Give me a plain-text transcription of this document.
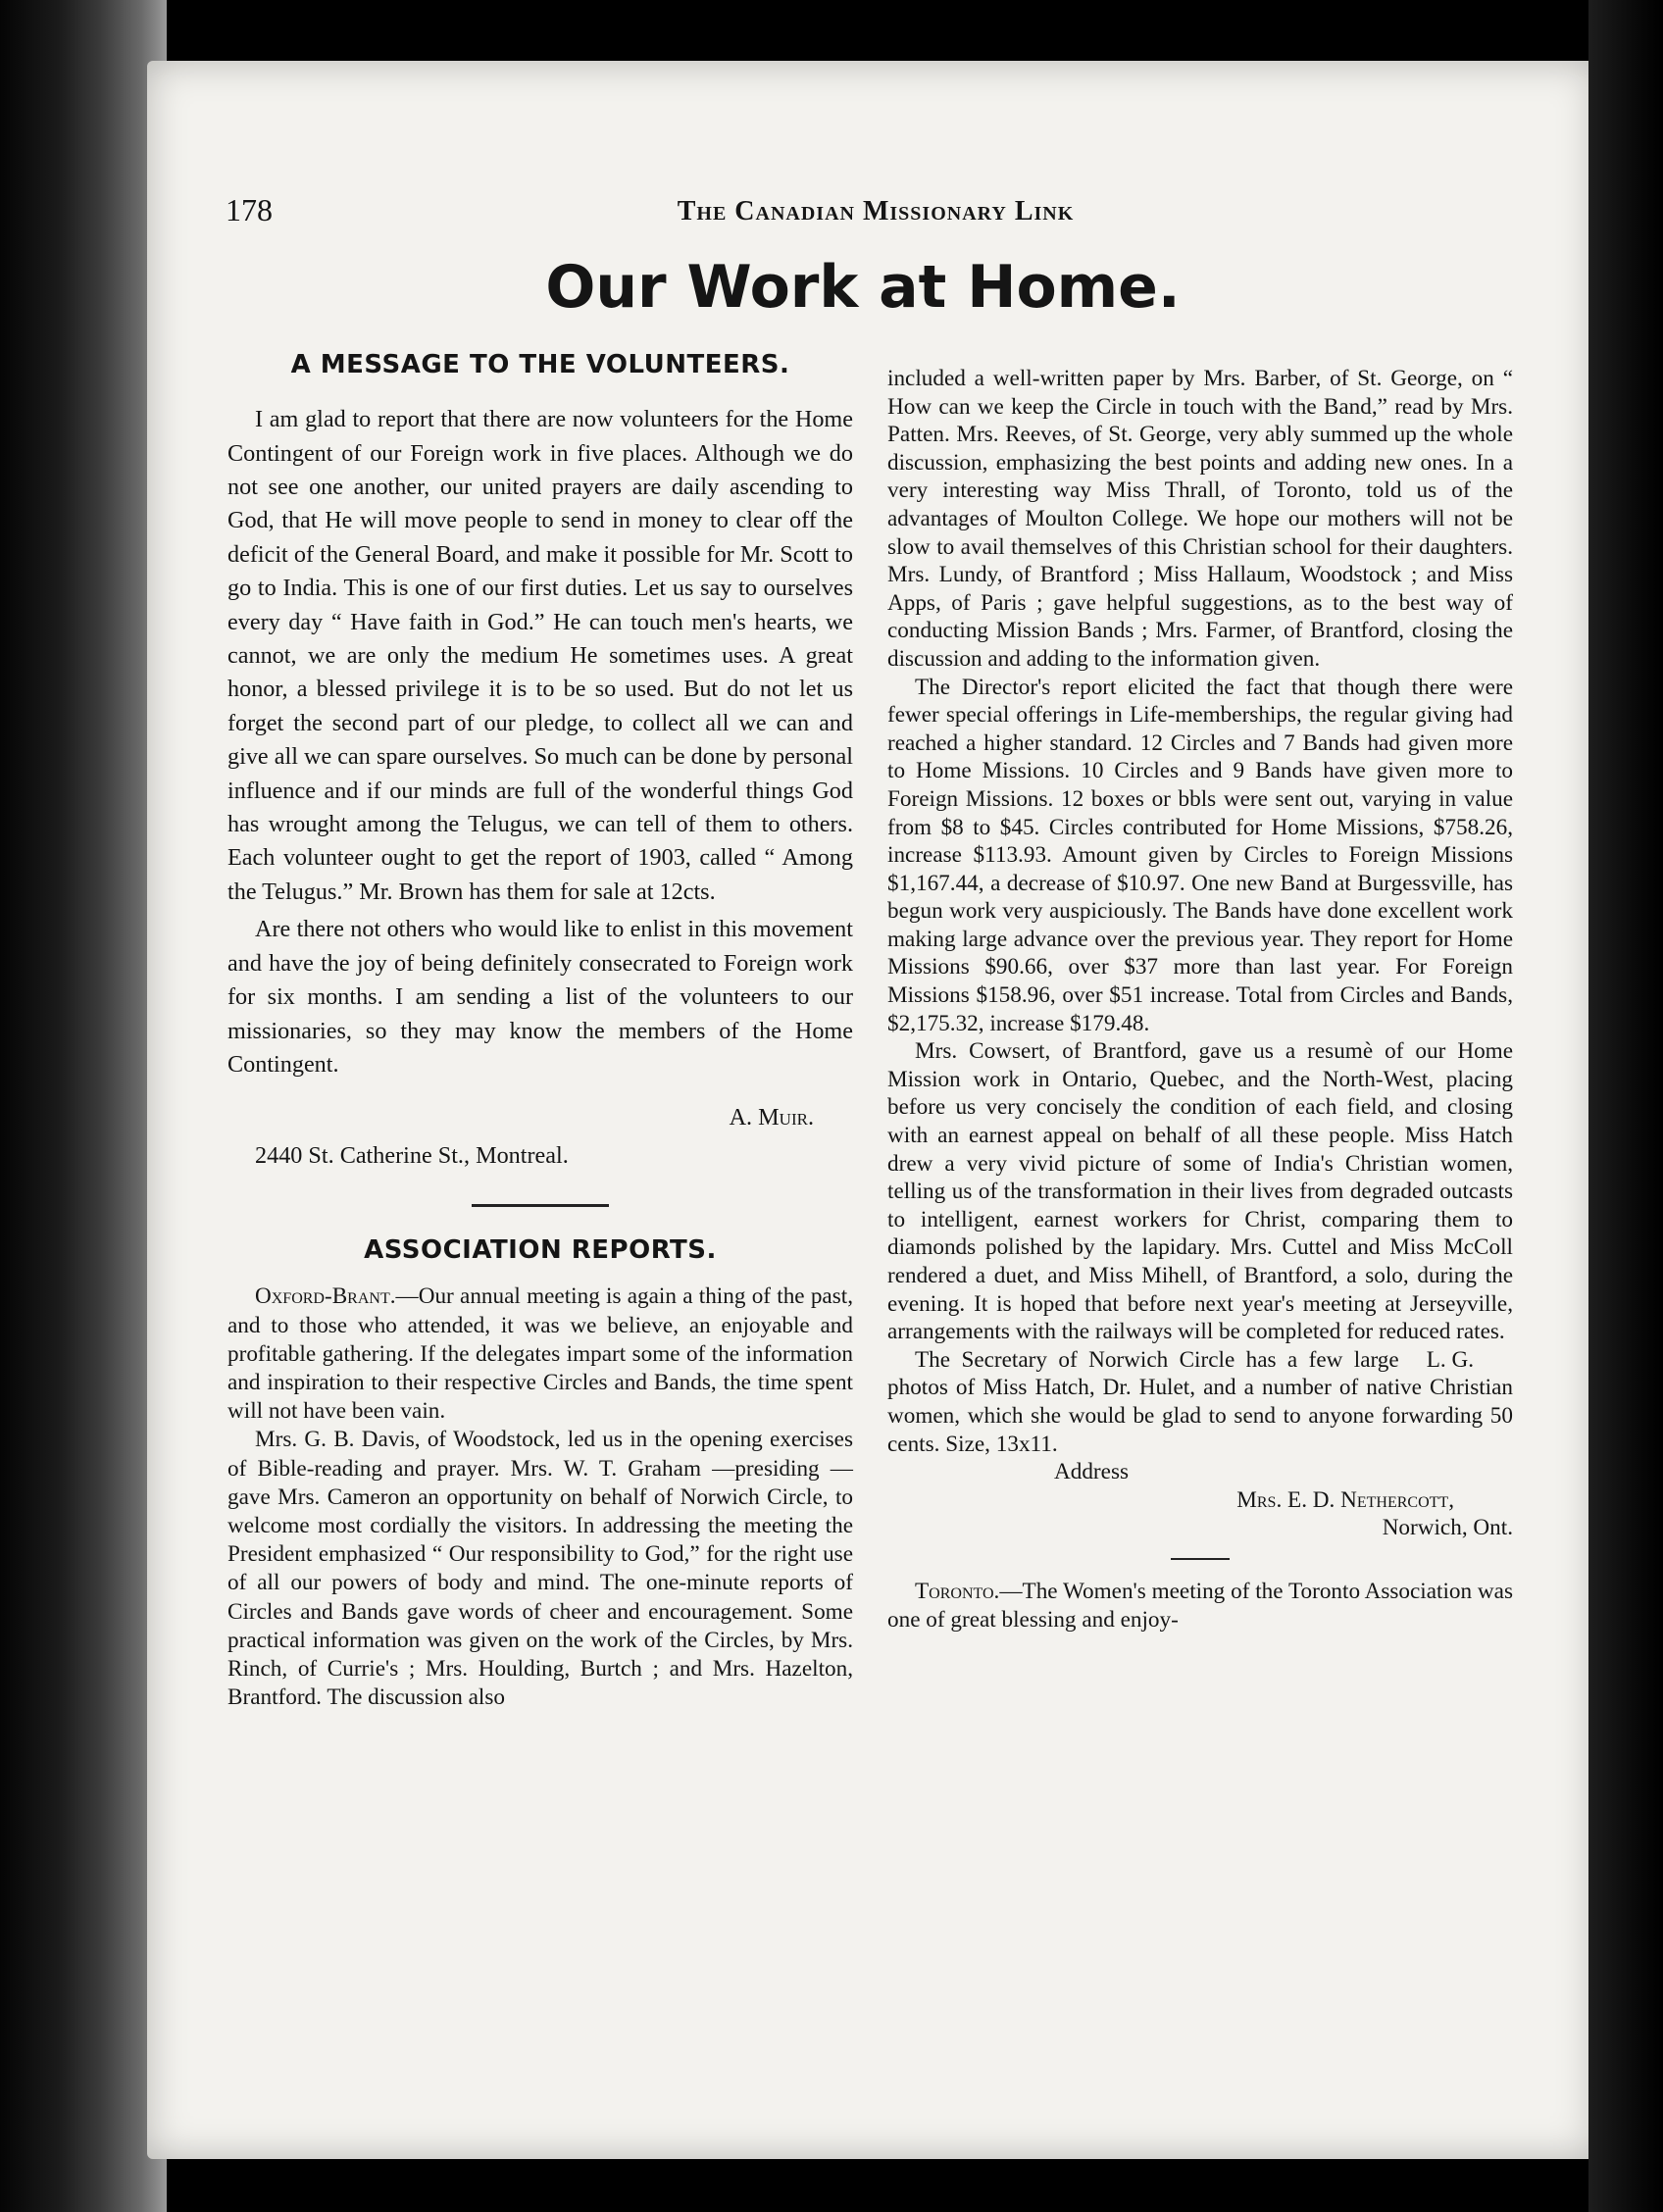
178	The Canadian Missionary Link
Our Work at Home.
A MESSAGE TO THE VOLUNTEERS.

I am glad to report that there are now volunteers for the Home Contingent of our Foreign work in five places. Although we do not see one another, our united prayers are daily ascending to God, that He will move people to send in money to clear off the deficit of the General Board, and make it possible for Mr. Scott to go to India. This is one of our first duties. Let us say to ourselves every day “ Have faith in God.” He can touch men's hearts, we cannot, we are only the medium He sometimes uses. A great honor, a blessed privilege it is to be so used. But do not let us forget the second part of our pledge, to collect all we can and give all we can spare ourselves. So much can be done by personal influence and if our minds are full of the wonderful things God has wrought among the Telugus, we can tell of them to others. Each volunteer ought to get the report of 1903, called “ Among the Telugus.” Mr. Brown has them for sale at 12cts.

Are there not others who would like to enlist in this movement and have the joy of being definitely consecrated to Foreign work for six months. I am sending a list of the volunteers to our missionaries, so they may know the members of the Home Contingent.

A. Muir.
2440 St. Catherine St., Montreal.
ASSOCIATION REPORTS.

Oxford-Brant.—Our annual meeting is again a thing of the past, and to those who attended, it was we believe, an enjoyable and profitable gathering. If the delegates impart some of the information and inspiration to their respective Circles and Bands, the time spent will not have been vain.

Mrs. G. B. Davis, of Woodstock, led us in the opening exercises of Bible-reading and prayer. Mrs. W. T. Graham —presiding — gave Mrs. Cameron an opportunity on behalf of Norwich Circle, to welcome most cordially the visitors. In addressing the meeting the President emphasized “ Our responsibility to God,” for the right use of all our powers of body and mind. The one-minute reports of Circles and Bands gave words of cheer and encouragement. Some practical information was given on the work of the Circles, by Mrs. Rinch, of Currie's ; Mrs. Houlding, Burtch ; and Mrs. Hazelton, Brantford. The discussion also

included a well-written paper by Mrs. Barber, of St. George, on “ How can we keep the Circle in touch with the Band,” read by Mrs. Patten. Mrs. Reeves, of St. George, very ably summed up the whole discussion, emphasizing the best points and adding new ones. In a very interesting way Miss Thrall, of Toronto, told us of the advantages of Moulton College. We hope our mothers will not be slow to avail themselves of this Christian school for their daughters. Mrs. Lundy, of Brantford ; Miss Hallaum, Woodstock ; and Miss Apps, of Paris ; gave helpful suggestions, as to the best way of conducting Mission Bands ; Mrs. Farmer, of Brantford, closing the discussion and adding to the information given.

The Director's report elicited the fact that though there were fewer special offerings in Life-memberships, the regular giving had reached a higher standard. 12 Circles and 7 Bands had given more to Home Missions. 10 Circles and 9 Bands have given more to Foreign Missions. 12 boxes or bbls were sent out, varying in value from $8 to $45. Circles contributed for Home Missions, $758.26, increase $113.93. Amount given by Circles to Foreign Missions $1,167.44, a decrease of $10.97. One new Band at Burgessville, has begun work very auspiciously. The Bands have done excellent work making large advance over the previous year. They report for Home Missions $90.66, over $37 more than last year. For Foreign Missions $158.96, over $51 increase. Total from Circles and Bands, $2,175.32, increase $179.48.

Mrs. Cowsert, of Brantford, gave us a resumè of our Home Mission work in Ontario, Quebec, and the North-West, placing before us very concisely the condition of each field, and closing with an earnest appeal on behalf of all these people. Miss Hatch drew a very vivid picture of some of India's Christian women, telling us of the transformation in their lives from degraded outcasts to intelligent, earnest workers for Christ, comparing them to diamonds polished by the lapidary. Mrs. Cuttel and Miss McColl rendered a duet, and Miss Mihell, of Brantford, a solo, during the evening. It is hoped that before next year's meeting at Jerseyville, arrangements with the railways will be completed for reduced rates.
L. G.

The Secretary of Norwich Circle has a few large photos of Miss Hatch, Dr. Hulet, and a number of native Christian women, which she would be glad to send to anyone forwarding 50 cents. Size, 13x11.

Address
Mrs. E. D. Nethercott,
Norwich, Ont.

Toronto.—The Women's meeting of the Toronto Association was one of great blessing and enjoy-
